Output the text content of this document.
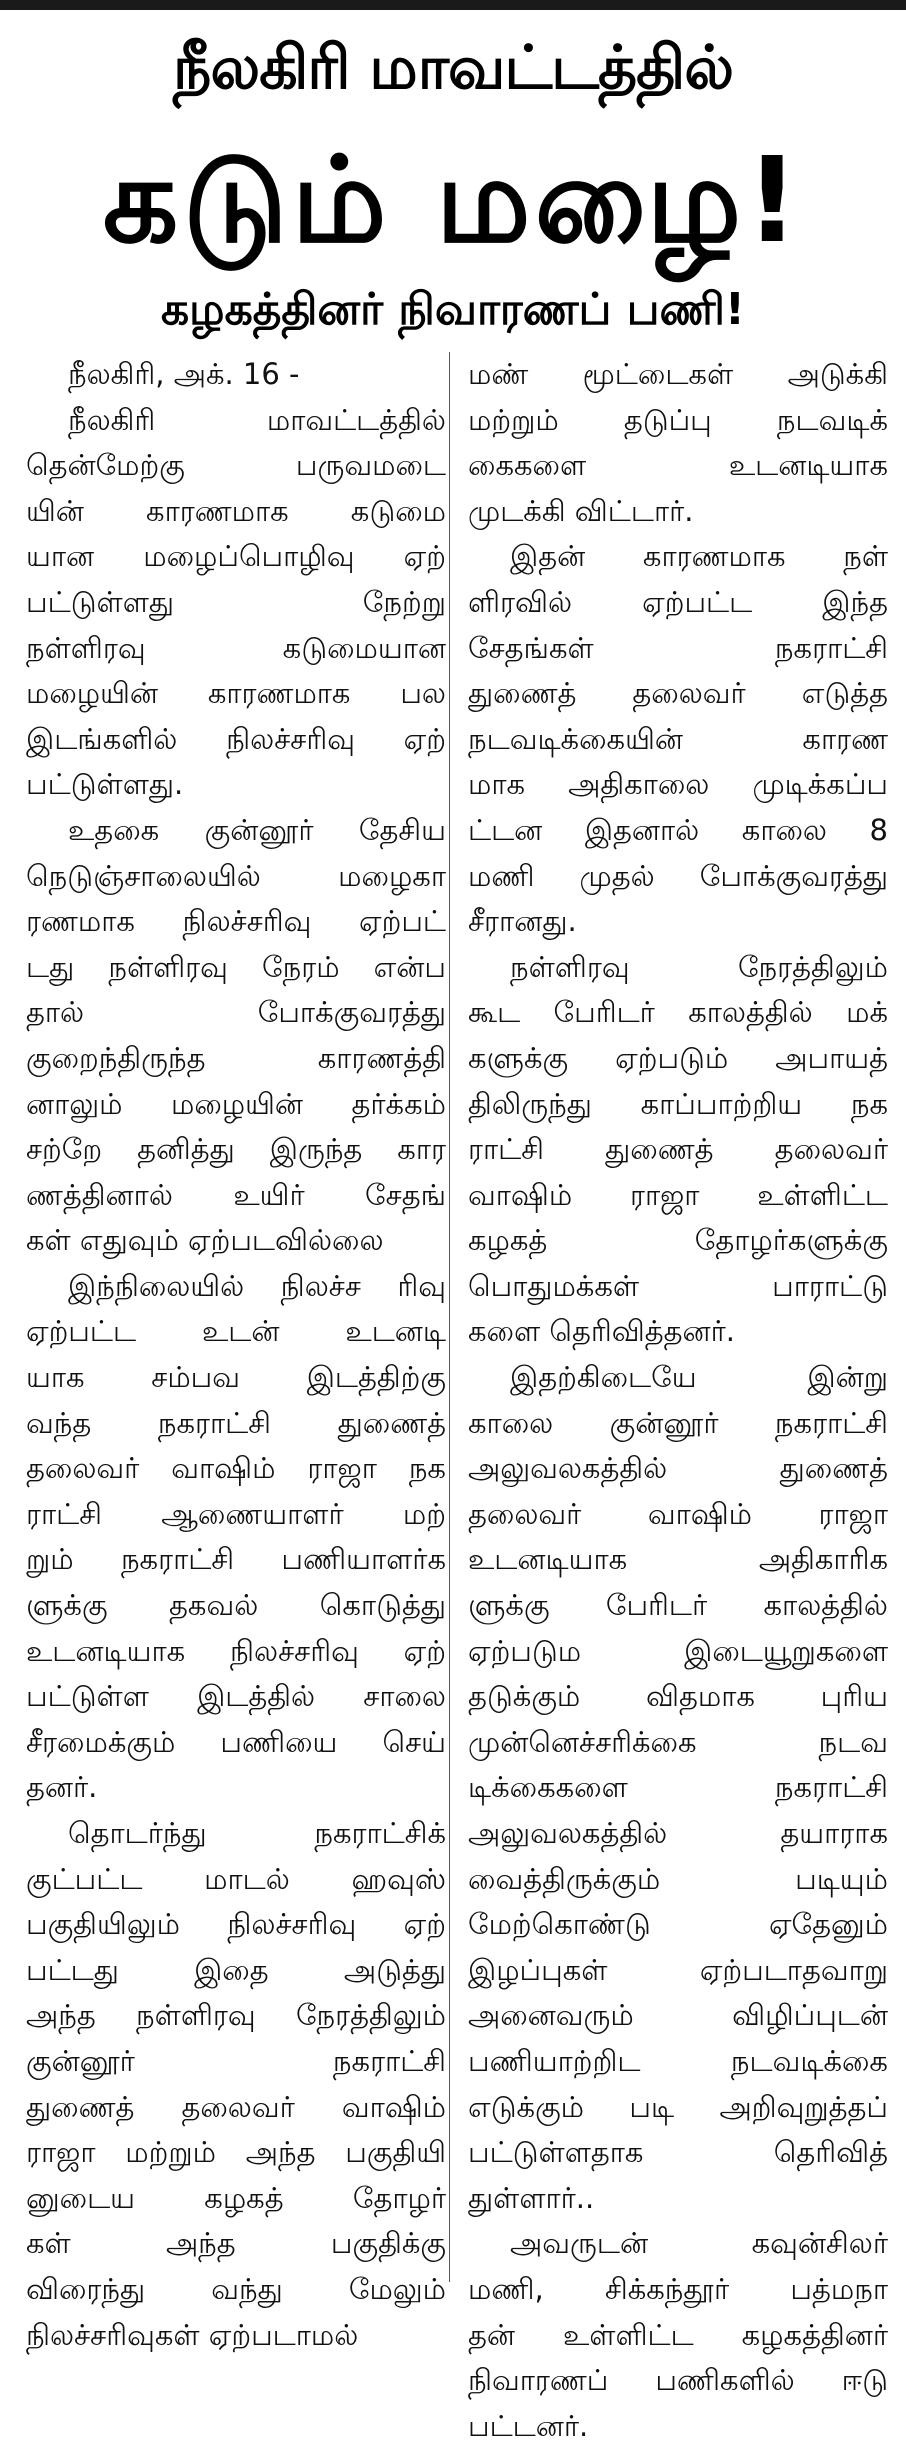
நீலகிரி மாவட்டத்தில்
கடும் மழை!
கழகத்தினர் நிவாரணப் பணி!
நீலகிரி, அக். 16 -
நீலகிரி மாவட்டத்தில்
தென்மேற்கு பருவமடை
யின் காரணமாக கடுமை
யான மழைப்பொழிவு ஏற்
பட்டுள்ளது நேற்று
நள்ளிரவு கடுமையான
மழையின் காரணமாக பல
இடங்களில் நிலச்சரிவு ஏற்
பட்டுள்ளது.
உதகை குன்னூர் தேசிய
நெடுஞ்சாலையில் மழைகா
ரணமாக நிலச்சரிவு ஏற்பட்
டது நள்ளிரவு நேரம் என்ப
தால் போக்குவரத்து
குறைந்திருந்த காரணத்தி
னாலும் மழையின் தர்க்கம்
சற்றே தனித்து இருந்த கார
ணத்தினால் உயிர் சேதங்
கள் எதுவும் ஏற்படவில்லை
இந்நிலையில் நிலச்ச ரிவு
ஏற்பட்ட உடன் உடனடி
யாக சம்பவ இடத்திற்கு
வந்த நகராட்சி துணைத்
தலைவர் வாஷிம் ராஜா நக
ராட்சி ஆணையாளர் மற்
றும் நகராட்சி பணியாளர்க
ளுக்கு தகவல் கொடுத்து
உடனடியாக நிலச்சரிவு ஏற்
பட்டுள்ள இடத்தில் சாலை
சீரமைக்கும் பணியை செய்
தனர்.
தொடர்ந்து நகராட்சிக்
குட்பட்ட மாடல் ஹவுஸ்
பகுதியிலும் நிலச்சரிவு ஏற்
பட்டது இதை அடுத்து
அந்த நள்ளிரவு நேரத்திலும்
குன்னூர் நகராட்சி
துணைத் தலைவர் வாஷிம்
ராஜா மற்றும் அந்த பகுதியி
னுடைய கழகத் தோழர்
கள் அந்த பகுதிக்கு
விரைந்து வந்து மேலும்
நிலச்சரிவுகள் ஏற்படாமல்
மண் மூட்டைகள் அடுக்கி
மற்றும் தடுப்பு நடவடிக்
கைகளை உடனடியாக
முடக்கி விட்டார்.
இதன் காரணமாக நள்
ளிரவில் ஏற்பட்ட இந்த
சேதங்கள் நகராட்சி
துணைத் தலைவர் எடுத்த
நடவடிக்கையின் காரண
மாக அதிகாலை முடிக்கப்ப
ட்டன இதனால் காலை 8
மணி முதல் போக்குவரத்து
சீரானது.
நள்ளிரவு நேரத்திலும்
கூட பேரிடர் காலத்தில் மக்
களுக்கு ஏற்படும் அபாயத்
திலிருந்து காப்பாற்றிய நக
ராட்சி துணைத் தலைவர்
வாஷிம் ராஜா உள்ளிட்ட
கழகத் தோழர்களுக்கு
பொதுமக்கள் பாராட்டு
களை தெரிவித்தனர்.
இதற்கிடையே இன்று
காலை குன்னூர் நகராட்சி
அலுவலகத்தில் துணைத்
தலைவர் வாஷிம் ராஜா
உடனடியாக அதிகாரிக
ளுக்கு பேரிடர் காலத்தில்
ஏற்படும இடையூறுகளை
தடுக்கும் விதமாக புரிய
முன்னெச்சரிக்கை நடவ
டிக்கைகளை நகராட்சி
அலுவலகத்தில் தயாராக
வைத்திருக்கும் படியும்
மேற்கொண்டு ஏதேனும்
இழப்புகள் ஏற்படாதவாறு
அனைவரும் விழிப்புடன்
பணியாற்றிட நடவடிக்கை
எடுக்கும் படி அறிவுறுத்தப்
பட்டுள்ளதாக தெரிவித்
துள்ளார்..
அவருடன் கவுன்சிலர்
மணி, சிக்கந்தூர் பத்மநா
தன் உள்ளிட்ட கழகத்தினர்
நிவாரணப் பணிகளில் ஈடு
பட்டனர்.
